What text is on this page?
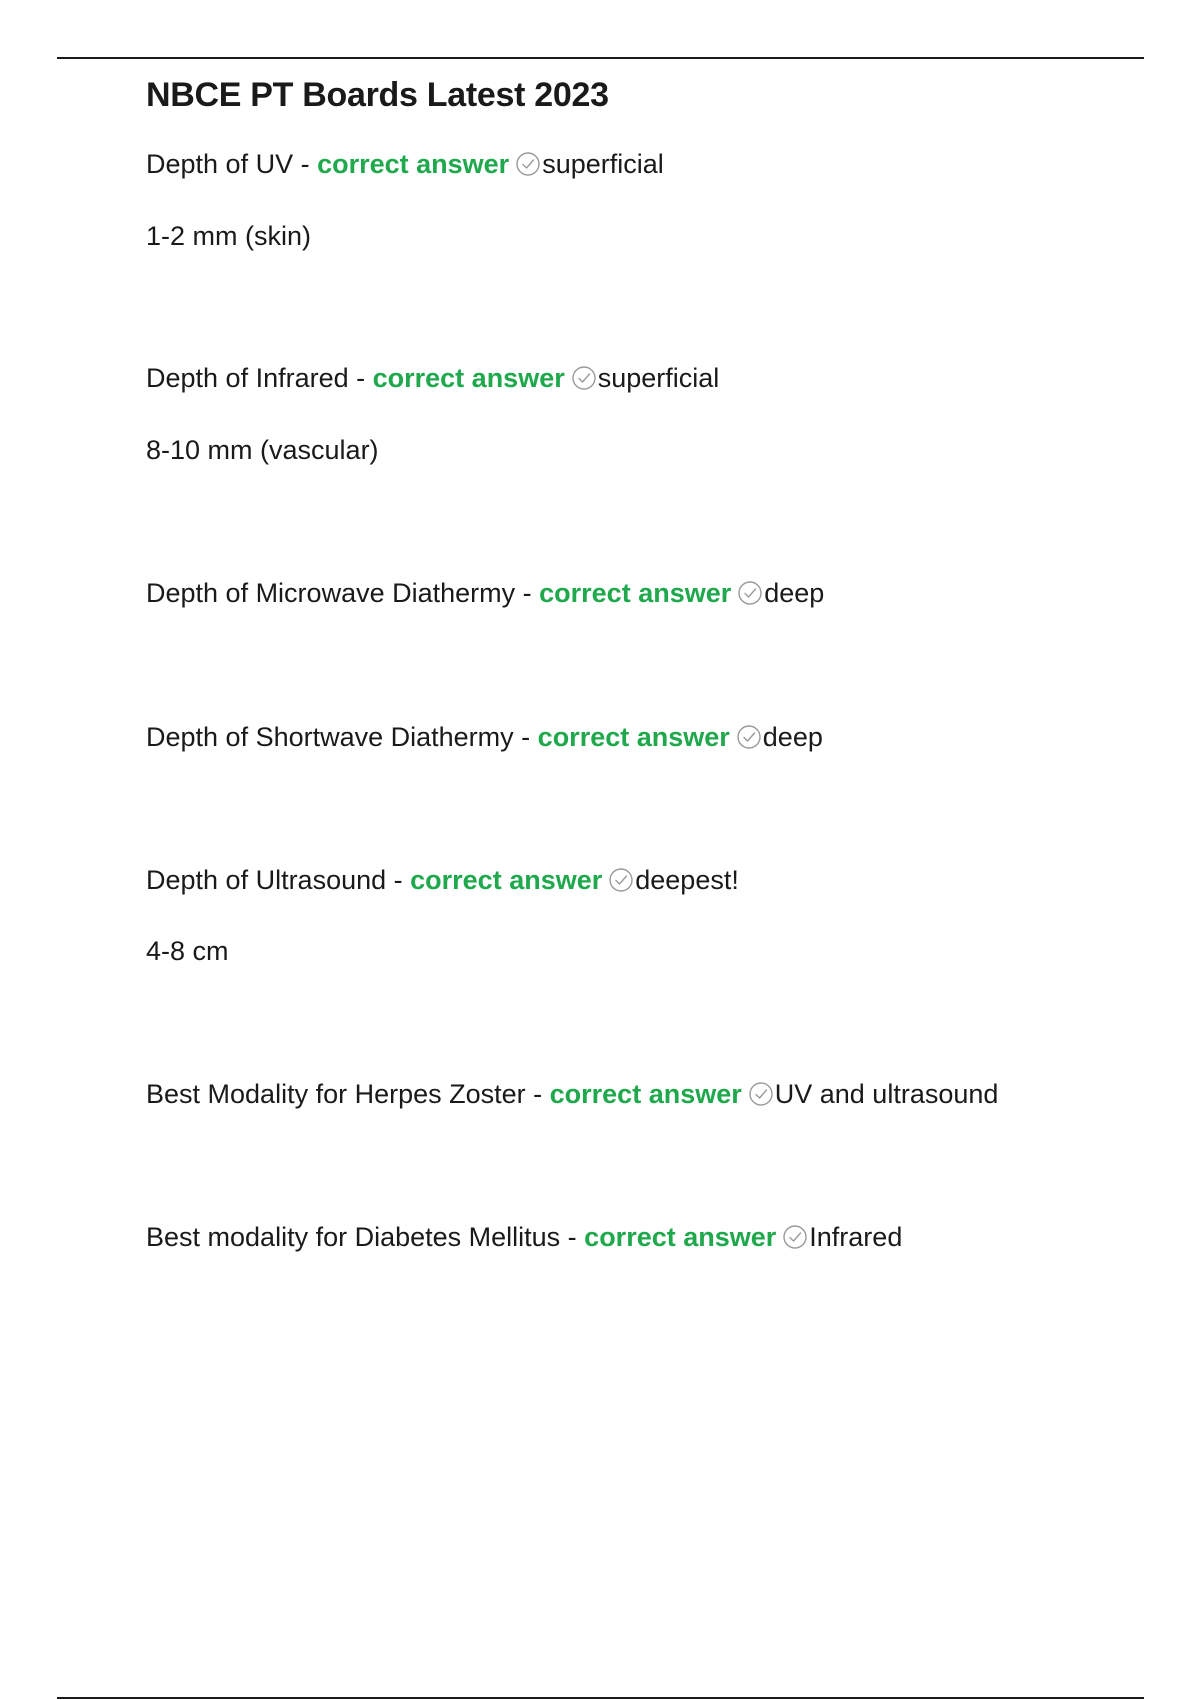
NBCE PT Boards Latest 2023
Depth of UV - correct answer superficial
1-2 mm (skin)
Depth of Infrared - correct answer superficial
8-10 mm (vascular)
Depth of Microwave Diathermy - correct answer deep
Depth of Shortwave Diathermy - correct answer deep
Depth of Ultrasound - correct answer deepest!
4-8 cm
Best Modality for Herpes Zoster - correct answer UV and ultrasound
Best modality for Diabetes Mellitus - correct answer Infrared
